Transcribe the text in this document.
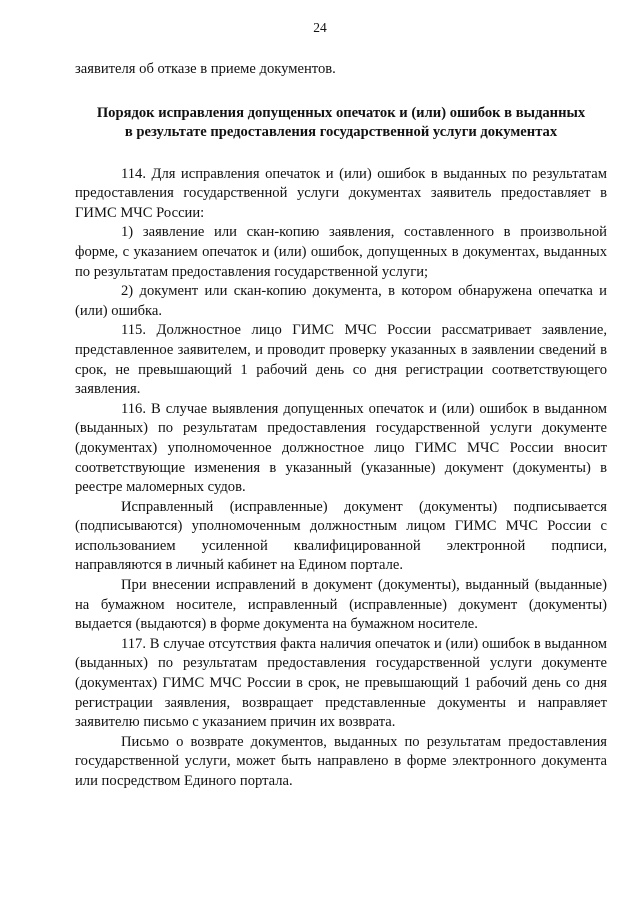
24

заявителя об отказе в приеме документов.

Порядок исправления допущенных опечаток и (или) ошибок в выданных
в результате предоставления государственной услуги документах

114. Для исправления опечаток и (или) ошибок в выданных по результатам предоставления государственной услуги документах заявитель предоставляет в ГИМС МЧС России:

1) заявление или скан-копию заявления, составленного в произвольной форме, с указанием опечаток и (или) ошибок, допущенных в документах, выданных по результатам предоставления государственной услуги;

2) документ или скан-копию документа, в котором обнаружена опечатка и (или) ошибка.

115. Должностное лицо ГИМС МЧС России рассматривает заявление, представленное заявителем, и проводит проверку указанных в заявлении сведений в срок, не превышающий 1 рабочий день со дня регистрации соответствующего заявления.

116. В случае выявления допущенных опечаток и (или) ошибок в выданном (выданных) по результатам предоставления государственной услуги документе (документах) уполномоченное должностное лицо ГИМС МЧС России вносит соответствующие изменения в указанный (указанные) документ (документы) в реестре маломерных судов.

Исправленный (исправленные) документ (документы) подписывается (подписываются) уполномоченным должностным лицом ГИМС МЧС России с использованием усиленной квалифицированной электронной подписи, направляются в личный кабинет на Едином портале.

При внесении исправлений в документ (документы), выданный (выданные) на бумажном носителе, исправленный (исправленные) документ (документы) выдается (выдаются) в форме документа на бумажном носителе.

117. В случае отсутствия факта наличия опечаток и (или) ошибок в выданном (выданных) по результатам предоставления государственной услуги документе (документах) ГИМС МЧС России в срок, не превышающий 1 рабочий день со дня регистрации заявления, возвращает представленные документы и направляет заявителю письмо с указанием причин их возврата.

Письмо о возврате документов, выданных по результатам предоставления государственной услуги, может быть направлено в форме электронного документа или посредством Единого портала.
